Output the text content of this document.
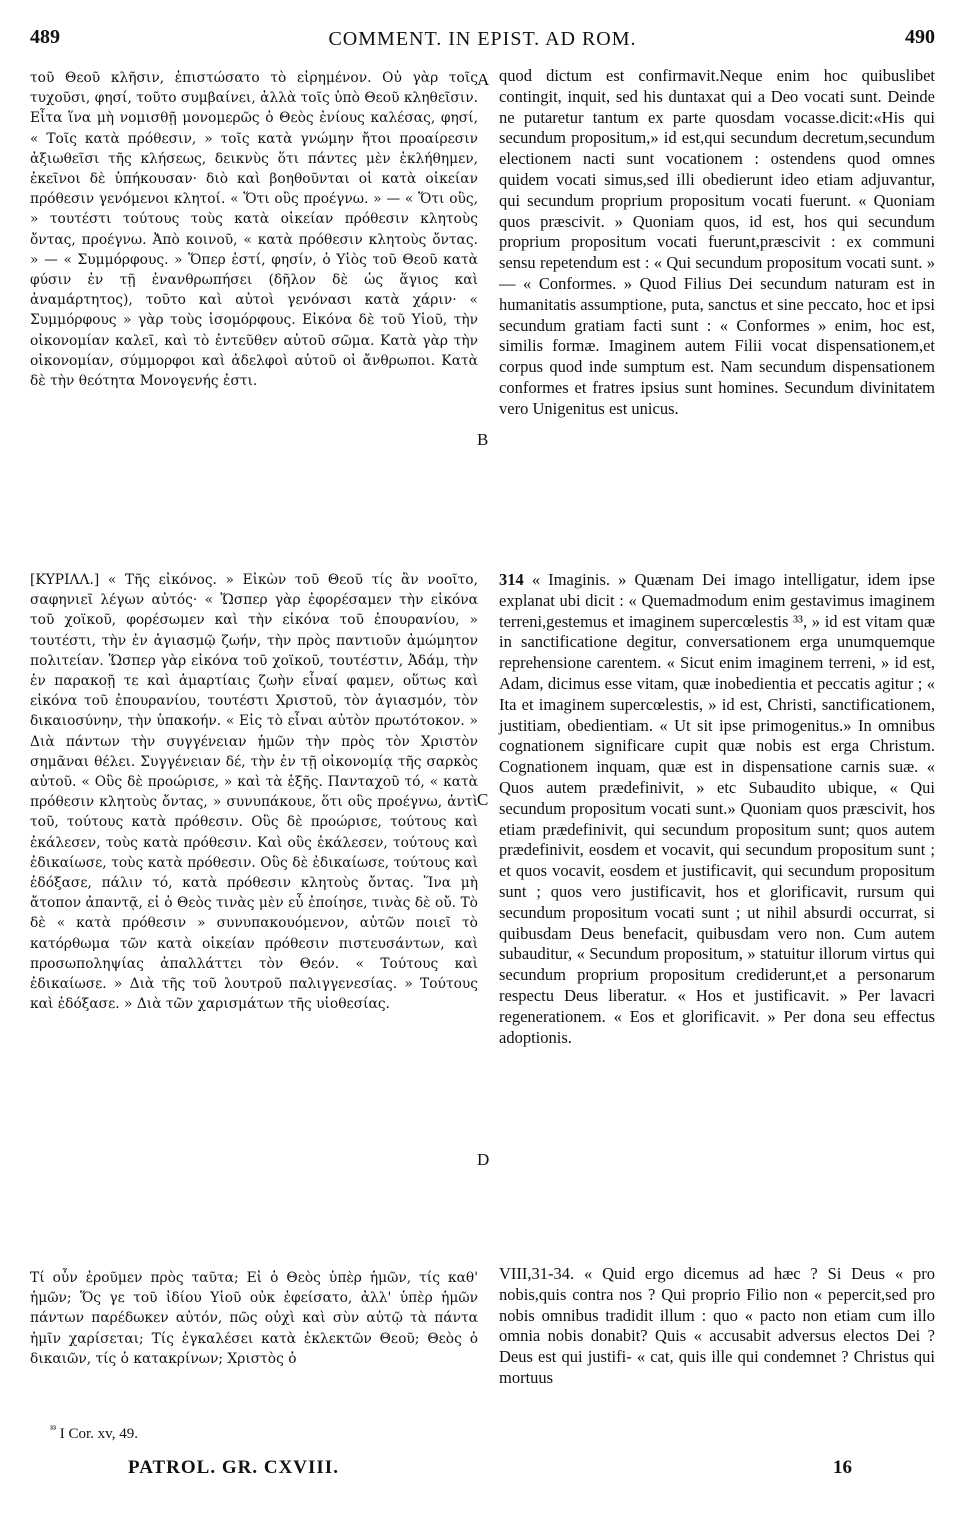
489	COMMENT. IN EPIST. AD ROM.	490
A
B
C
D

τοῦ Θεοῦ κλῆσιν, ἐπιστώσατο τὸ εἰρημένον. Οὐ γὰρ τοῖς τυχοῦσι, φησί, τοῦτο συμβαίνει, ἀλλὰ τοῖς ὑπὸ Θεοῦ κληθεῖσιν. Εἶτα ἵνα μὴ νομισθῇ μονομερῶς ὁ Θεὸς ἐνίους καλέσας, φησί, « Τοῖς κατὰ πρόθεσιν, » τοῖς κατὰ γνώμην ἤτοι προαίρεσιν ἀξιωθεῖσι τῆς κλήσεως, δεικνὺς ὅτι πάντες μὲν ἐκλήθημεν, ἐκεῖνοι δὲ ὑπήκουσαν· διὸ καὶ βοηθοῦνται οἱ κατὰ οἰκείαν πρόθεσιν γενόμενοι κλητοί. « Ὅτι οὓς προέγνω. » — « Ὅτι οὓς, » τουτέστι τούτους τοὺς κατὰ οἰκείαν πρόθεσιν κλητοὺς ὄντας, προέγνω. Ἀπὸ κοινοῦ, « κατὰ πρόθεσιν κλητοὺς ὄντας. » — « Συμμόρφους. » Ὅπερ ἐστί, φησίν, ὁ Υἱὸς τοῦ Θεοῦ κατὰ φύσιν ἐν τῇ ἐνανθρωπήσει (δῆλον δὲ ὡς ἅγιος καὶ ἀναμάρτητος), τοῦτο καὶ αὐτοὶ γενόνασι κατὰ χάριν· « Συμμόρφους » γὰρ τοὺς ἰσομόρφους. Εἰκόνα δὲ τοῦ Υἱοῦ, τὴν οἰκονομίαν καλεῖ, καὶ τὸ ἐντεῦθεν αὐτοῦ σῶμα. Κατὰ γὰρ τὴν οἰκονομίαν, σύμμορφοι καὶ ἀδελφοὶ αὐτοῦ οἱ ἄνθρωποι. Κατὰ δὲ τὴν θεότητα Μονογενής ἐστι.

[ΚΥΡΙΛΛ.] « Τῆς εἰκόνος. » Εἰκὼν τοῦ Θεοῦ τίς ἂν νοοῖτο, σαφηνιεῖ λέγων αὐτός· « Ὥσπερ γὰρ ἐφορέσαμεν τὴν εἰκόνα τοῦ χοϊκοῦ, φορέσωμεν καὶ τὴν εἰκόνα τοῦ ἐπουρανίου, » τουτέστι, τὴν ἐν ἁγιασμῷ ζωήν, τὴν πρὸς παντιοῦν ἀμώμητον πολιτείαν. Ὥσπερ γὰρ εἰκόνα τοῦ χοϊκοῦ, τουτέστιν, Ἀδάμ, τὴν ἐν παρακοῇ τε καὶ ἁμαρτίαις ζωὴν εἶναί φαμεν, οὕτως καὶ εἰκόνα τοῦ ἐπουρανίου, τουτέστι Χριστοῦ, τὸν ἁγιασμόν, τὸν δικαιοσύνην, τὴν ὑπακοήν. « Εἰς τὸ εἶναι αὐτὸν πρωτότοκον. » Διὰ πάντων τὴν συγγένειαν ἡμῶν τὴν πρὸς τὸν Χριστὸν σημᾶναι θέλει. Συγγένειαν δέ, τὴν ἐν τῇ οἰκονομίᾳ τῆς σαρκὸς αὐτοῦ. « Οὓς δὲ προώρισε, » καὶ τὰ ἑξῆς. Πανταχοῦ τό, « κατὰ πρόθεσιν κλητοὺς ὄντας, » συνυπάκουε, ὅτι οὓς προέγνω, ἀντὶ τοῦ, τούτους κατὰ πρόθεσιν. Οὓς δὲ προώρισε, τούτους καὶ ἐκάλεσεν, τοὺς κατὰ πρόθεσιν. Καὶ οὓς ἐκάλεσεν, τούτους καὶ ἐδικαίωσε, τοὺς κατὰ πρόθεσιν. Οὓς δὲ ἐδικαίωσε, τούτους καὶ ἐδόξασε, πάλιν τό, κατὰ πρόθεσιν κλητοὺς ὄντας. Ἵνα μὴ ἄτοπον ἀπαντᾷ, εἰ ὁ Θεὸς τινὰς μὲν εὖ ἐποίησε, τινὰς δὲ οὔ. Τὸ δὲ « κατὰ πρόθεσιν » συνυπακουόμενον, αὐτῶν ποιεῖ τὸ κατόρθωμα τῶν κατὰ οἰκείαν πρόθεσιν πιστευσάντων, καὶ προσωποληψίας ἀπαλλάττει τὸν Θεόν. « Τούτους καὶ ἐδικαίωσε. » Διὰ τῆς τοῦ λουτροῦ παλιγγενεσίας. » Τούτους καὶ ἐδόξασε. » Διὰ τῶν χαρισμάτων τῆς υἱοθεσίας.

Τί οὖν ἐροῦμεν πρὸς ταῦτα; Εἰ ὁ Θεὸς ὑπὲρ ἡμῶν, τίς καθ' ἡμῶν; Ὅς γε τοῦ ἰδίου Υἱοῦ οὐκ ἐφείσατο, ἀλλ' ὑπὲρ ἡμῶν πάντων παρέδωκεν αὐτόν, πῶς οὐχὶ καὶ σὺν αὐτῷ τὰ πάντα ἡμῖν χαρίσεται; Τίς ἐγκαλέσει κατὰ ἐκλεκτῶν Θεοῦ; Θεὸς ὁ δικαιῶν, τίς ὁ κατακρίνων; Χριστὸς ὁ

quod dictum est confirmavit.Neque enim hoc quibuslibet contingit, inquit, sed his duntaxat qui a Deo vocati sunt. Deinde ne putaretur tantum ex parte quosdam vocasse.dicit:«His qui secundum propositum,» id est,qui secundum decretum,secundum electionem nacti sunt vocationem : ostendens quod omnes quidem vocati simus,sed illi obedierunt ideo etiam adjuvantur, qui secundum proprium propositum vocati fuerunt. « Quoniam quos præscivit. » Quoniam quos, id est, hos qui secundum proprium propositum vocati fuerunt,præscivit : ex communi sensu repetendum est : « Qui secundum propositum vocati sunt. » — « Conformes. » Quod Filius Dei secundum naturam est in humanitatis assumptione, puta, sanctus et sine peccato, hoc et ipsi secundum gratiam facti sunt : « Conformes » enim, hoc est, similis formæ. Imaginem autem Filii vocat dispensationem,et corpus quod inde sumptum est. Nam secundum dispensationem conformes et fratres ipsius sunt homines. Secundum divinitatem vero Unigenitus est unicus.

314 « Imaginis. » Quænam Dei imago intelligatur, idem ipse explanat ubi dicit : « Quemadmodum enim gestavimus imaginem terreni,gestemus et imaginem supercœlestis ³³, » id est vitam quæ in sanctificatione degitur, conversationem erga unumquemque reprehensione carentem. « Sicut enim imaginem terreni, » id est, Adam, dicimus esse vitam, quæ inobedientia et peccatis agitur ; « Ita et imaginem supercœlestis, » id est, Christi, sanctificationem, justitiam, obedientiam. « Ut sit ipse primogenitus.» In omnibus cognationem significare cupit quæ nobis est erga Christum. Cognationem inquam, quæ est in dispensatione carnis suæ. « Quos autem prædefinivit, » etc Subaudito ubique, « Qui secundum propositum vocati sunt.» Quoniam quos præscivit, hos etiam prædefinivit, qui secundum propositum sunt; quos autem prædefinivit, eosdem et vocavit, qui secundum propositum sunt ; et quos vocavit, eosdem et justificavit, qui secundum propositum sunt ; quos vero justificavit, hos et glorificavit, rursum qui secundum propositum vocati sunt ; ut nihil absurdi occurrat, si quibusdam Deus benefacit, quibusdam vero non. Cum autem subauditur, « Secundum propositum, » statuitur illorum virtus qui secundum proprium propositum crediderunt,et a personarum respectu Deus liberatur. « Hos et justificavit. » Per lavacri regenerationem. « Eos et glorificavit. » Per dona seu effectus adoptionis.

VIII,31-34. « Quid ergo dicemus ad hæc ? Si Deus « pro nobis,quis contra nos ? Qui proprio Filio non « pepercit,sed pro nobis omnibus tradidit illum : quo « pacto non etiam cum illo omnia nobis donabit? Quis « accusabit adversus electos Dei ? Deus est qui justifi- « cat, quis ille qui condemnet ? Christus qui mortuus

$^{^{33}}$ I Cor. xv, 49.
PATROL. GR. CXVIII.	16
